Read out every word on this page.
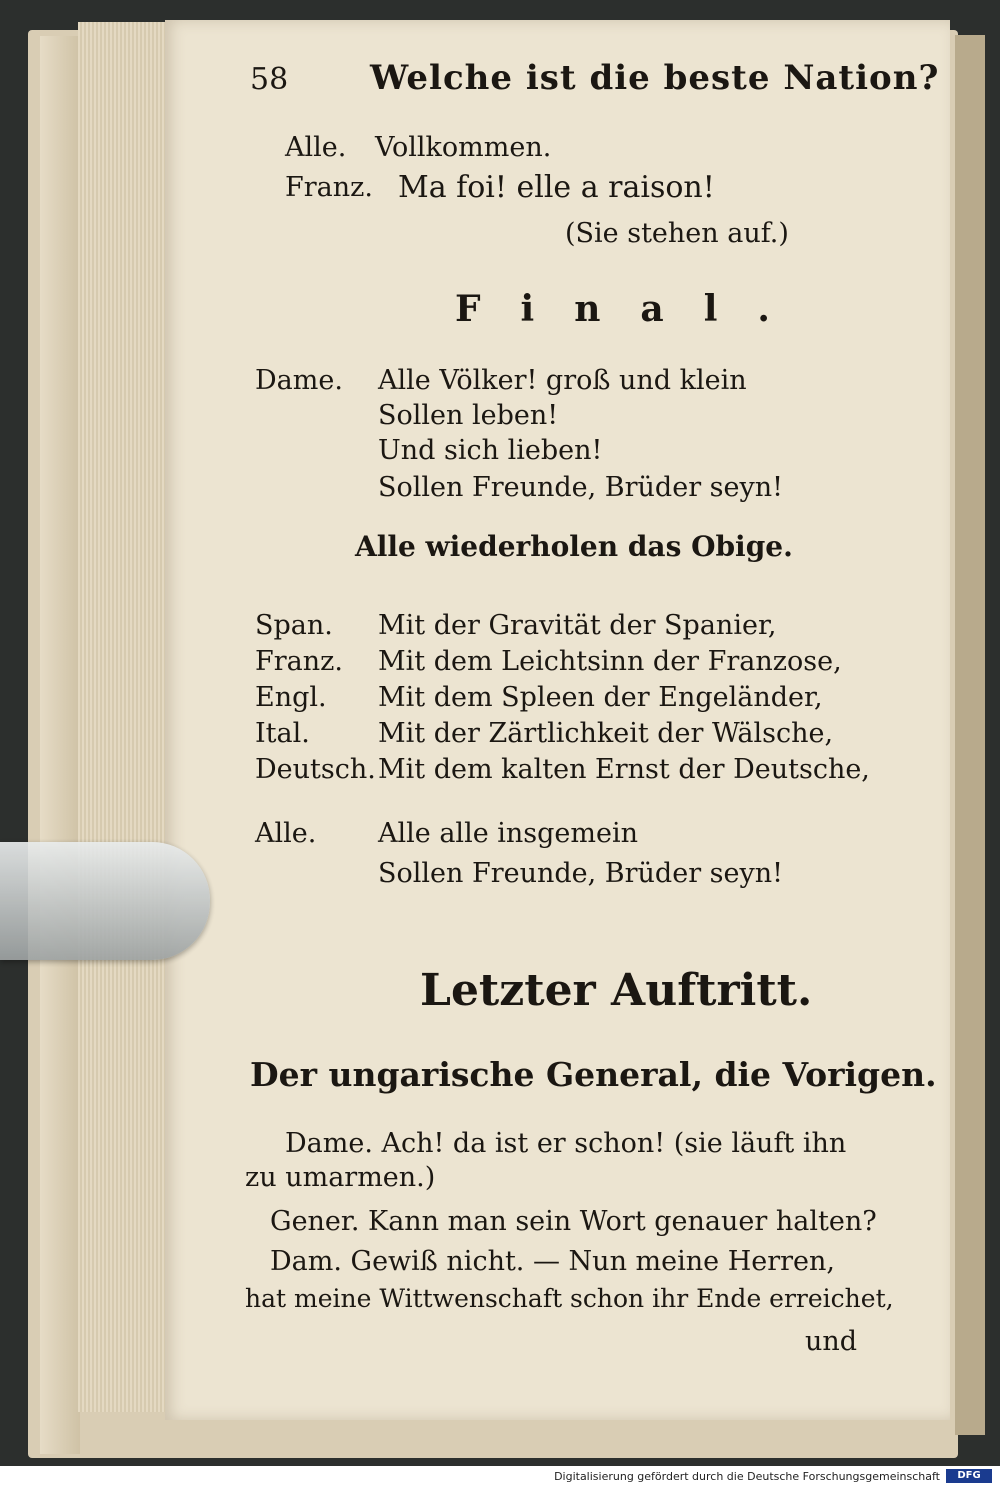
58 Welche ist die beste Nation?
Alle. Vollkommen.
Franz. Ma foi! elle a raison!
(Sie stehen auf.)
Final.
Dame. Alle Völker! groß und klein
Sollen leben!
Und sich lieben!
Sollen Freunde, Brüder seyn!
Alle wiederholen das Obige.
Span. Mit der Gravität der Spanier,
Franz. Mit dem Leichtsinn der Franzose,
Engl. Mit dem Spleen der Engeländer,
Ital.	Mit der Zärtlichkeit der Wälsche,
Deutsch. Mit dem kalten Ernst der Deutsche,
Alle. Alle alle insgemein
Sollen Freunde, Brüder seyn!
Letzter Auftritt.
Der ungarische General, die Vorigen.
Dame. Ach! da ist er schon! (sie läuft ihn
zu umarmen.)
Gener. Kann man sein Wort genauer halten?
Dam. Gewiß nicht. — Nun meine Herren,
hat meine Wittwenschaft schon ihr Ende erreichet,
und
Digitalisierung gefördert durch die Deutsche Forschungsgemeinschaft	DFG
